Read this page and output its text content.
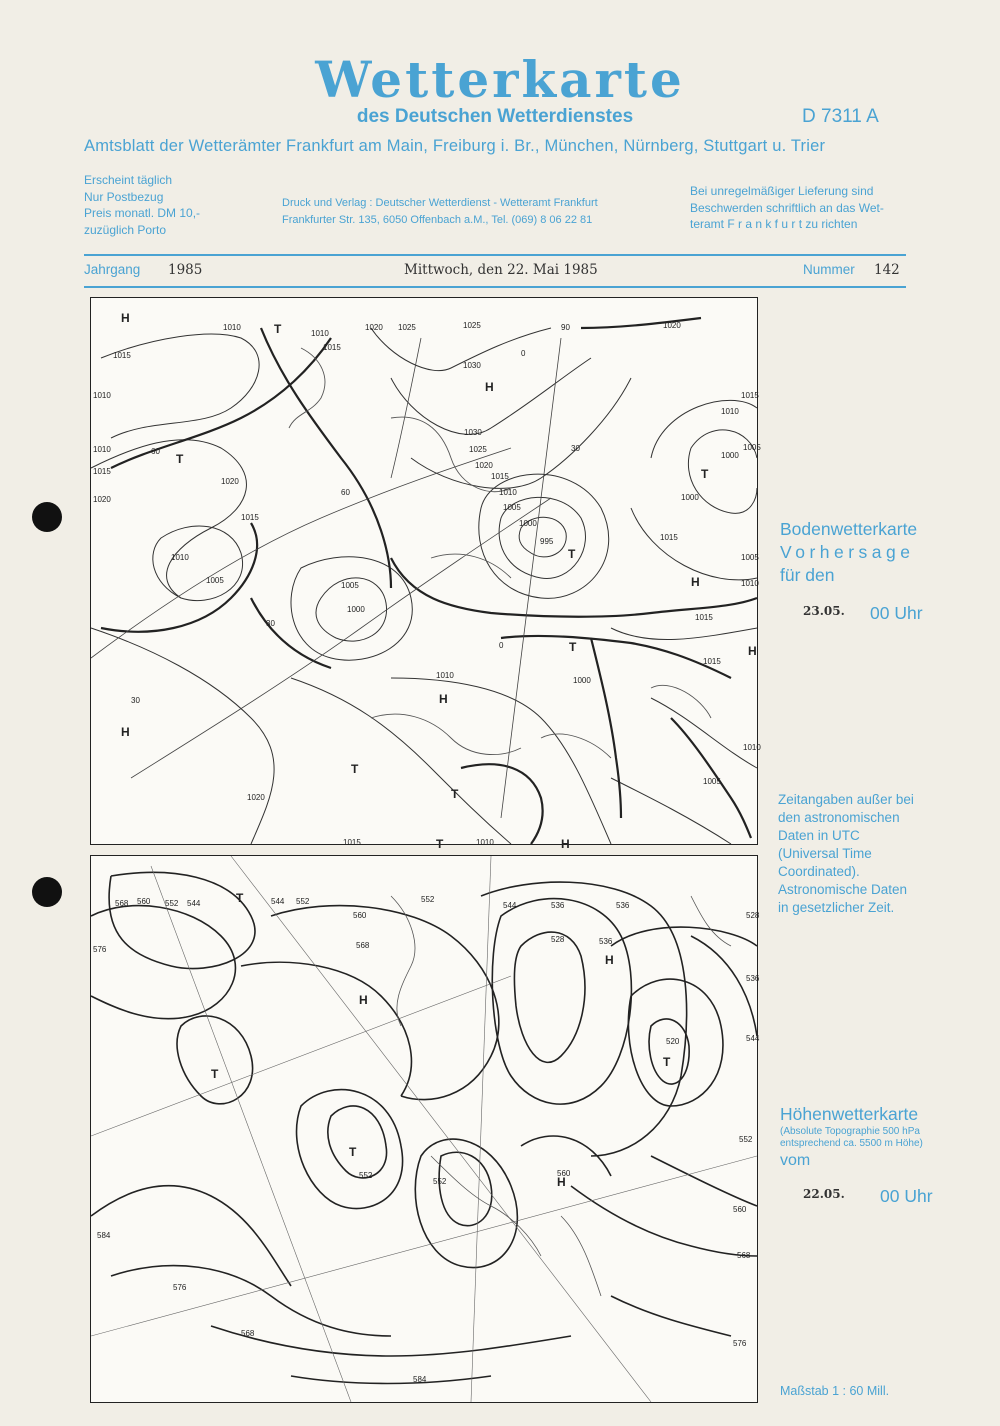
Wetterkarte
des Deutschen Wetterdienstes	D 7311 A
Amtsblatt der Wetterämter Frankfurt am Main, Freiburg i. Br., München, Nürnberg, Stuttgart u. Trier
Erscheint täglich
Nur Postbezug
Preis monatl. DM 10,-
zuzüglich Porto
Druck und Verlag : Deutscher Wetterdienst - Wetteramt Frankfurt
Frankfurter Str. 135, 6050 Offenbach a.M., Tel. (069) 8 06 22 81
Bei unregelmäßiger Lieferung sind
Beschwerden schriftlich an das Wet-
teramt F r a n k f u r t zu richten
Jahrgang 1985	Mittwoch, den 22. Mai 1985	Nummer 142
H
H
H
H
H
H
H
T
T
T
T
T
T
T
T
1010
1015
1010
1015
1020 1025	1025
1030
1030
1025
1020
1015
1010
1005
1000
995
1020
1015
1010
1005
1000
1000
1005
1010
1015
1015
1015
1010
1005
1010
1010
1015
1020
1020
1015
1010
1005
1005
1000
1010
1000
1020
1015	1010
90
60
60
30
30
30
0
0
568 560 552 544
576
544 552
560
568
552
544	536	536
528	536
520
528
536
544
552
560
568
576
552
552
560
584
576
568
584
T
T
T
T
H
H
H
Bodenwetterkarte
Vorhersage
für den
23.05. 00 Uhr
Zeitangaben außer bei
den astronomischen
Daten in UTC
(Universal Time
Coordinated).
Astronomische Daten
in gesetzlicher Zeit.
Höhenwetterkarte
(Absolute Topographie 500 hPa
entsprechend ca. 5500 m Höhe)
vom
22.05. 00 Uhr
Maßstab 1 : 60 Mill.
